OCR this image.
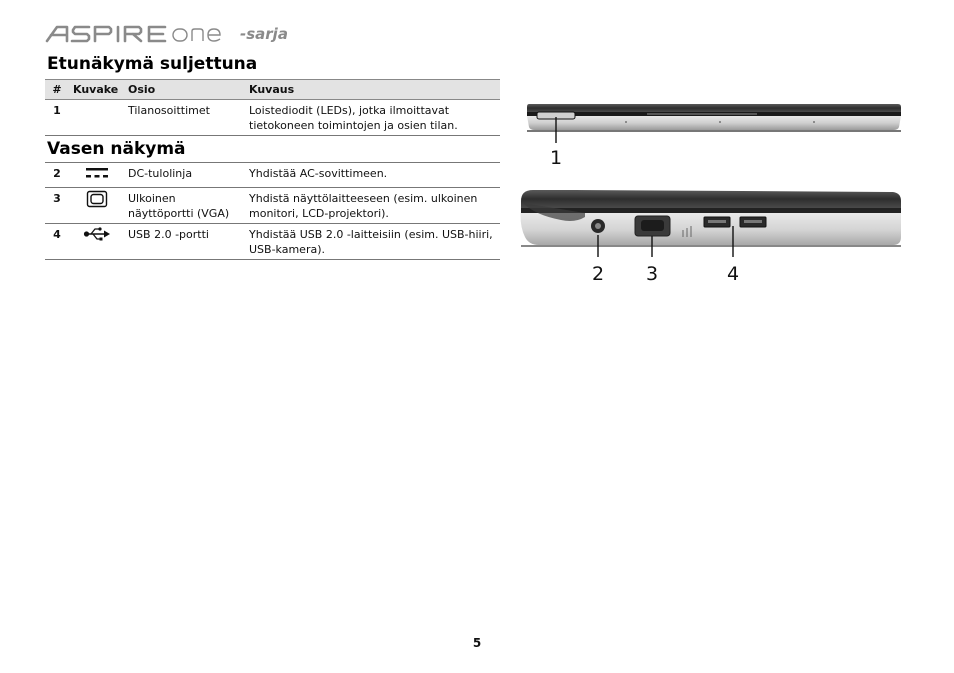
-sarja
Etunäkymä suljettuna
#	Kuvake	Osio	Kuvaus
1		Tilanosoittimet	Loistediodit (LEDs), jotka ilmoittavat tietokoneen toimintojen ja osien tilan.
Vasen näkymä
2		DC-tulolinja	Yhdistää AC-sovittimeen.
3		Ulkoinen näyttöportti (VGA)	Yhdistä näyttölaitteeseen (esim. ulkoinen monitori, LCD-projektori).
4		USB 2.0 -portti	Yhdistää USB 2.0 -laitteisiin (esim. USB-hiiri, USB-kamera).
1
2 3	4
5
